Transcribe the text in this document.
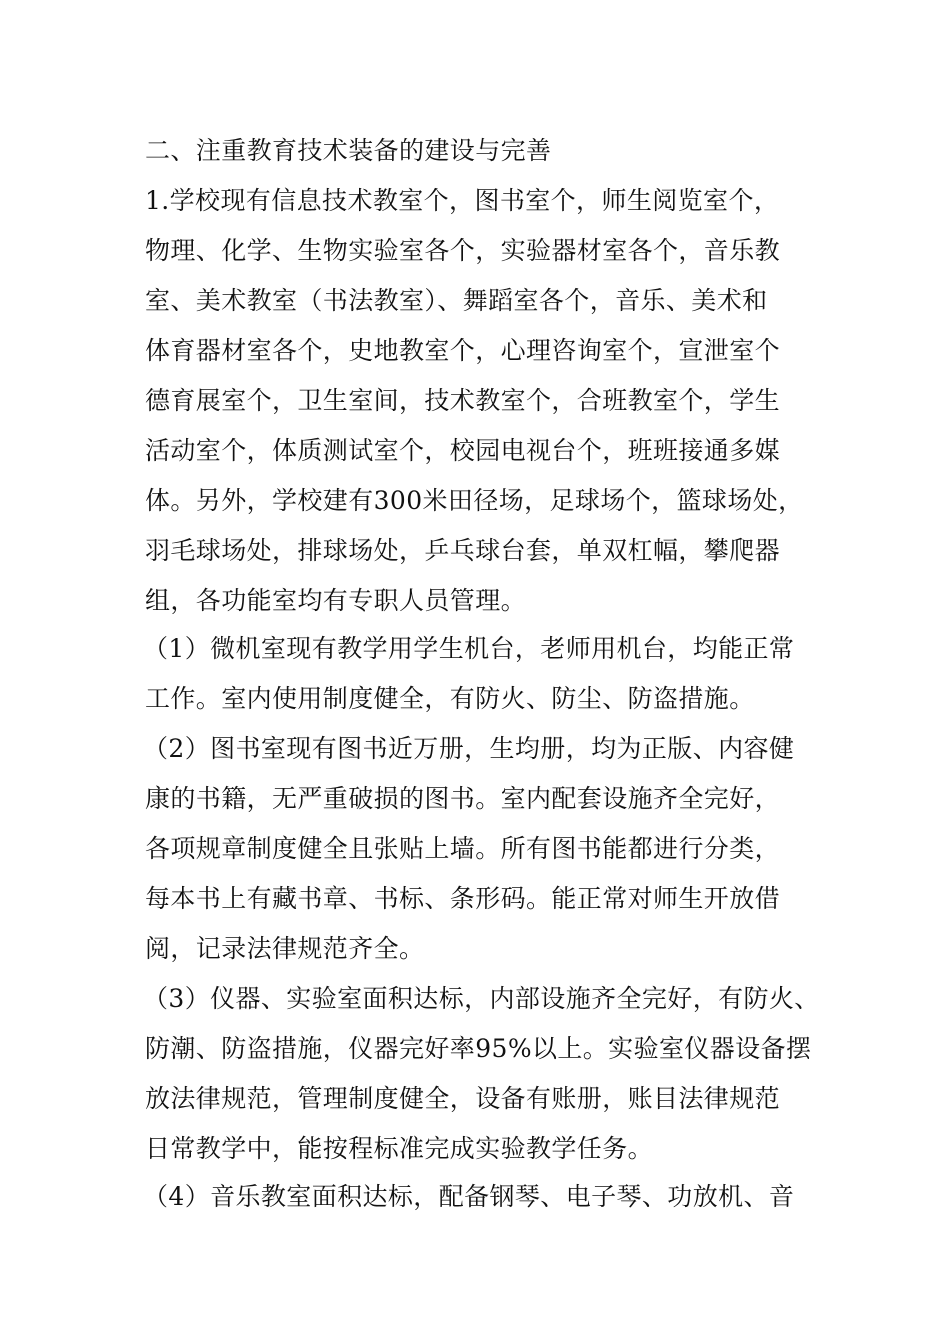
二、注重教育技术装备的建设与完善
1.学校现有信息技术教室个，图书室个，师生阅览室个，
物理、化学、生物实验室各个，实验器材室各个，音乐教
室、美术教室（书法教室）、舞蹈室各个，音乐、美术和
体育器材室各个，史地教室个，心理咨询室个，宣泄室个
德育展室个，卫生室间，技术教室个，合班教室个，学生
活动室个，体质测试室个，校园电视台个，班班接通多媒
体。另外，学校建有300米田径场，足球场个，篮球场处，
羽毛球场处，排球场处，乒乓球台套，单双杠幅，攀爬器
组，各功能室均有专职人员管理。
（1）微机室现有教学用学生机台，老师用机台，均能正常
工作。室内使用制度健全，有防火、防尘、防盗措施。
（2）图书室现有图书近万册，生均册，均为正版、内容健
康的书籍，无严重破损的图书。室内配套设施齐全完好，
各项规章制度健全且张贴上墙。所有图书能都进行分类，
每本书上有藏书章、书标、条形码。能正常对师生开放借
阅，记录法律规范齐全。
（3）仪器、实验室面积达标，内部设施齐全完好，有防火、
防潮、防盗措施，仪器完好率95%以上。实验室仪器设备摆
放法律规范，管理制度健全，设备有账册，账目法律规范
日常教学中，能按程标准完成实验教学任务。
（4）音乐教室面积达标，配备钢琴、电子琴、功放机、音
